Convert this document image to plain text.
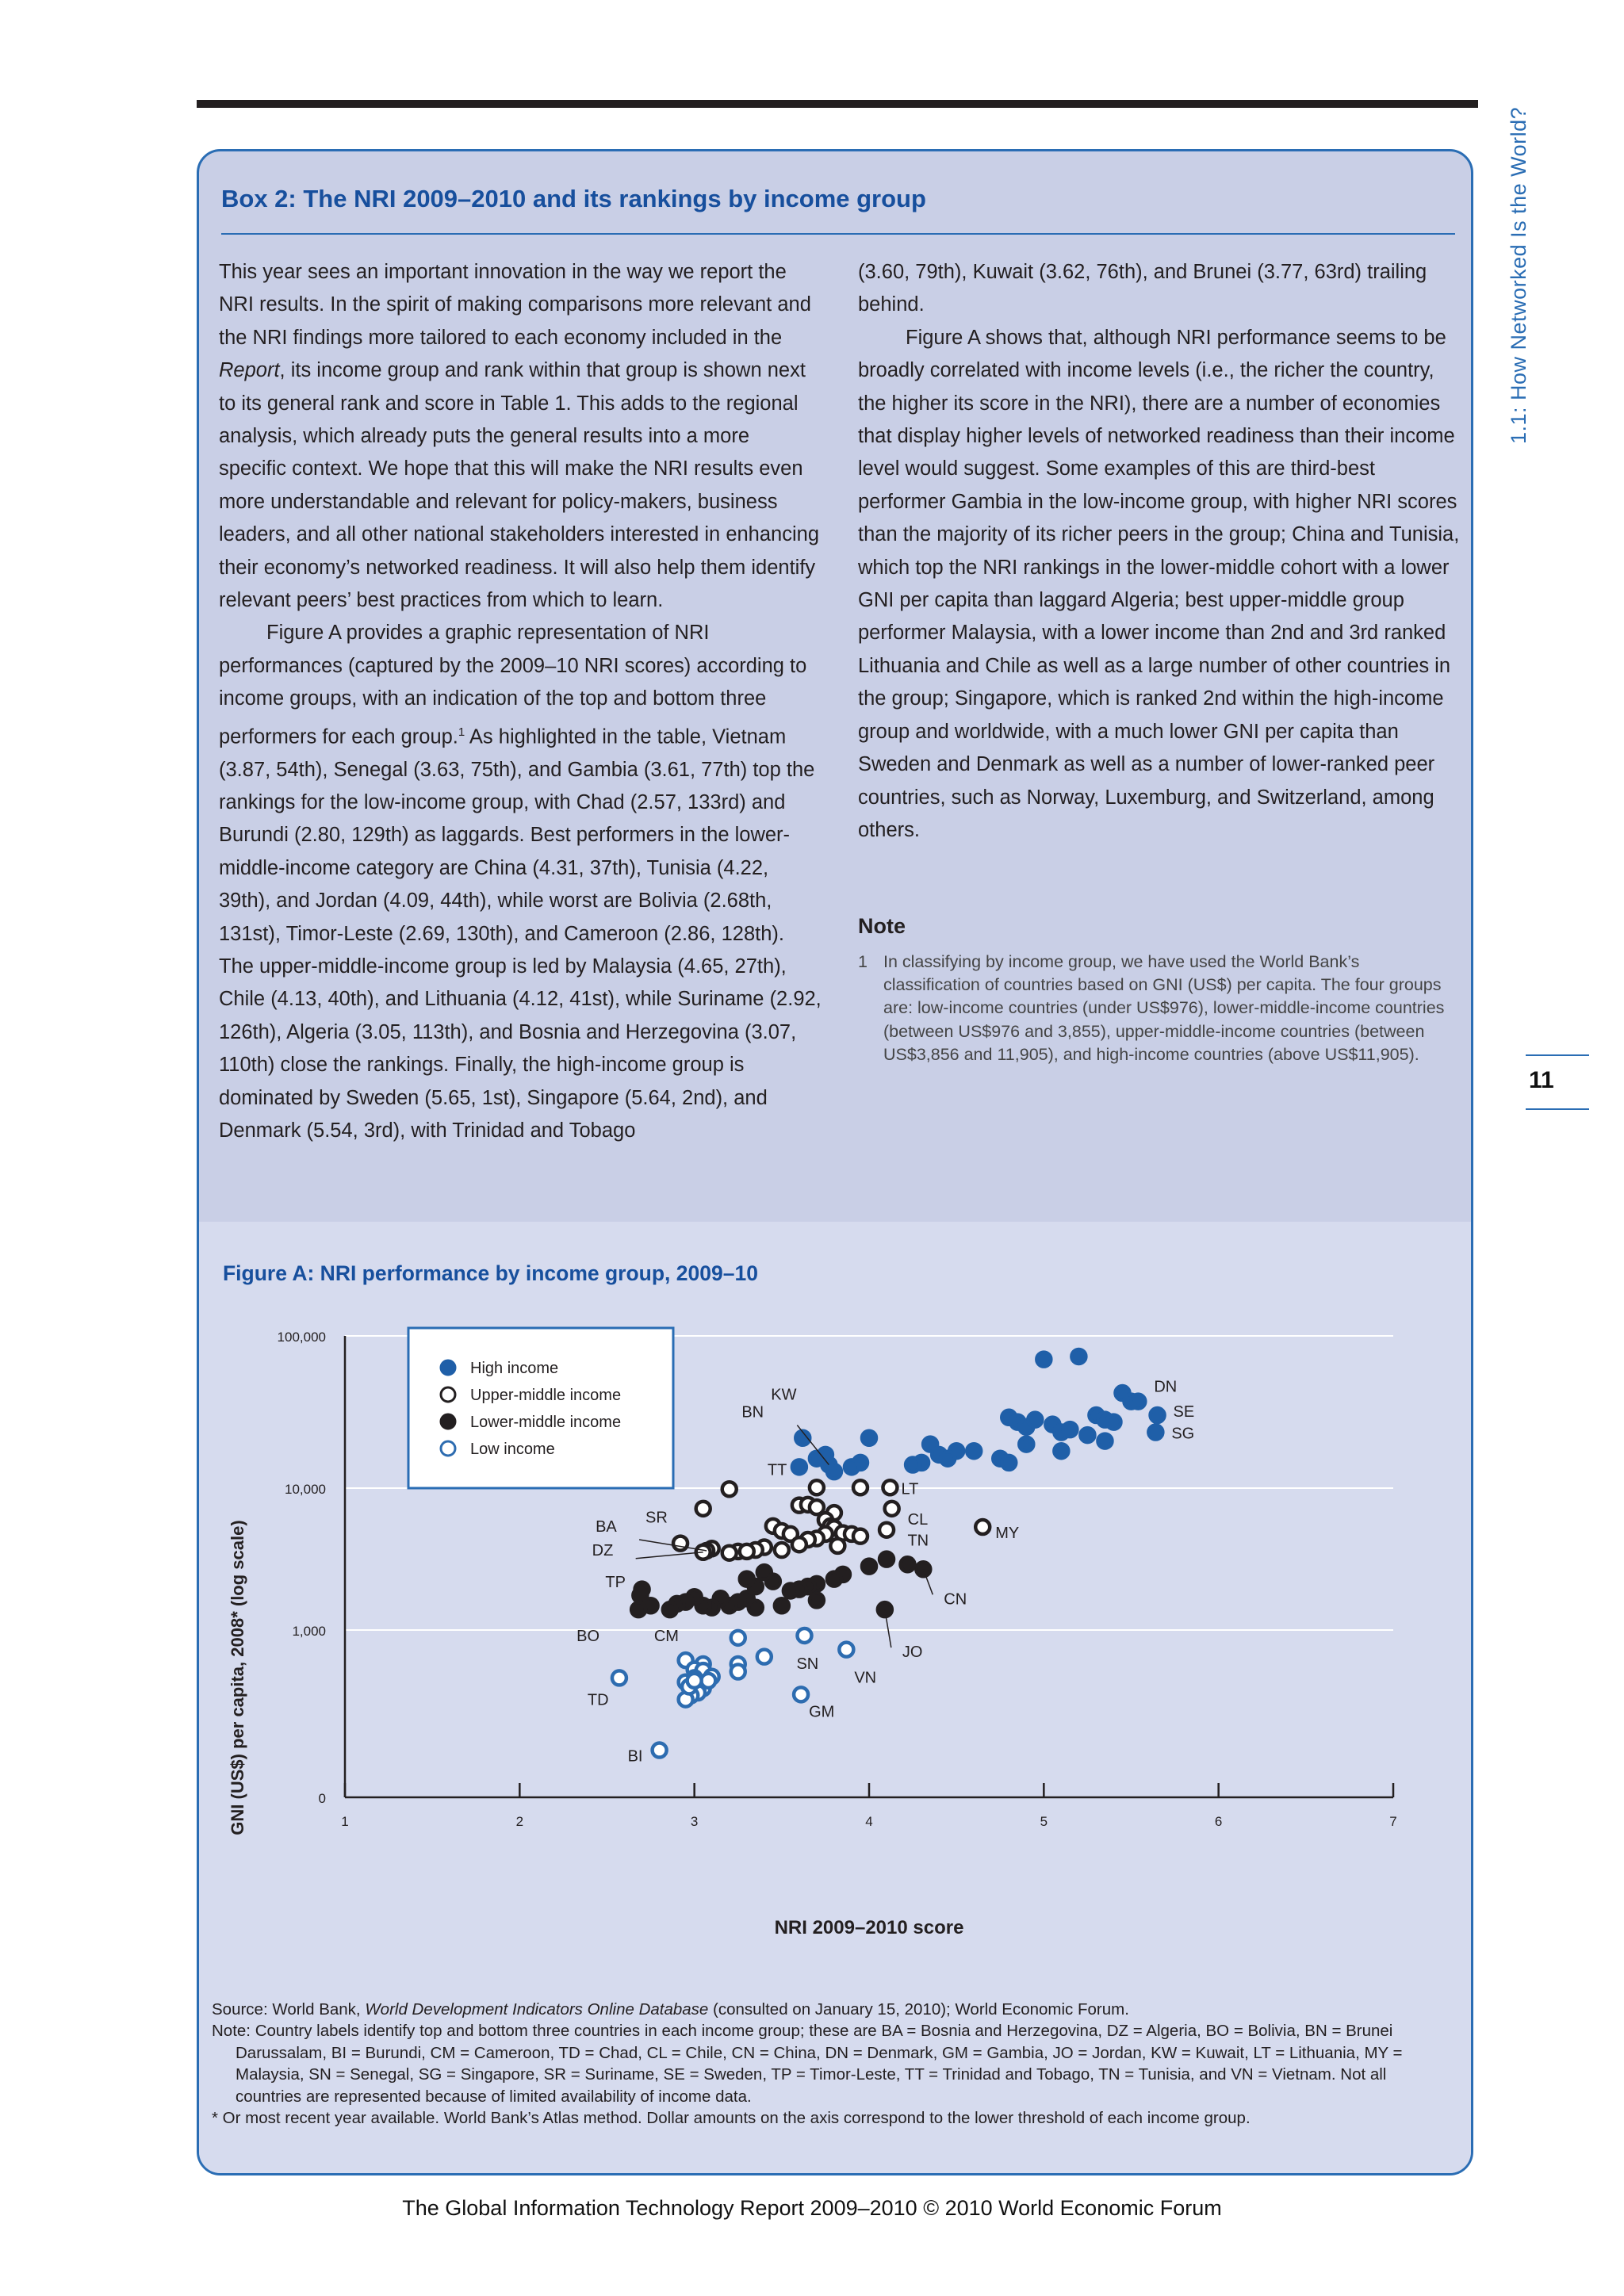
1.1: How Networked Is the World?
11
Box 2: The NRI 2009–2010 and its rankings by income group

This year sees an important innovation in the way we report the NRI results. In the spirit of making comparisons more relevant and the NRI findings more tailored to each economy included in the Report, its income group and rank within that group is shown next to its general rank and score in Table 1. This adds to the regional analysis, which already puts the general results into a more specific context. We hope that this will make the NRI results even more understandable and relevant for policy-makers, business leaders, and all other national stakeholders interested in enhancing their economy’s networked readiness. It will also help them identify relevant peers’ best practices from which to learn.

Figure A provides a graphic representation of NRI performances (captured by the 2009–10 NRI scores) according to income groups, with an indication of the top and bottom three performers for each group.$^1$ As highlighted in the table, Vietnam (3.87, 54th), Senegal (3.63, 75th), and Gambia (3.61, 77th) top the rankings for the low-income group, with Chad (2.57, 133rd) and Burundi (2.80, 129th) as laggards. Best performers in the lower-middle-income category are China (4.31, 37th), Tunisia (4.22, 39th), and Jordan (4.09, 44th), while worst are Bolivia (2.68th, 131st), Timor-Leste (2.69, 130th), and Cameroon (2.86, 128th). The upper-middle-income group is led by Malaysia (4.65, 27th), Chile (4.13, 40th), and Lithuania (4.12, 41st), while Suriname (2.92, 126th), Algeria (3.05, 113th), and Bosnia and Herzegovina (3.07, 110th) close the rankings. Finally, the high-income group is dominated by Sweden (5.65, 1st), Singapore (5.64, 2nd), and Denmark (5.54, 3rd), with Trinidad and Tobago

(3.60, 79th), Kuwait (3.62, 76th), and Brunei (3.77, 63rd) trailing behind.

Figure A shows that, although NRI performance seems to be broadly correlated with income levels (i.e., the richer the country, the higher its score in the NRI), there are a number of economies that display higher levels of networked readiness than their income level would suggest. Some examples of this are third-best performer Gambia in the low-income group, with higher NRI scores than the majority of its richer peers in the group; China and Tunisia, which top the NRI rankings in the lower-middle cohort with a lower GNI per capita than laggard Algeria; best upper-middle group performer Malaysia, with a lower income than 2nd and 3rd ranked Lithuania and Chile as well as a large number of other countries in the group; Singapore, which is ranked 2nd within the high-income group and worldwide, with a much lower GNI per capita than Sweden and Denmark as well as a number of lower-ranked peer countries, such as Norway, Luxemburg, and Switzerland, among others.

Note
1 In classifying by income group, we have used the World Bank’s classification of countries based on GNI (US$) per capita. The four groups are: low-income countries (under US$976), lower-middle-income countries (between US$976 and 3,855), upper-middle-income countries (between US$3,856 and 11,905), and high-income countries (above US$11,905).
Figure A: NRI performance by income group, 2009–10
0
1,000
10,000
100,000
1	2	3	4	5	6	7
NRI 2009–2010 score
GNI (US$) per capita, 2008* (log scale)
DN
SE
SG
KW
BN
TT
LT
CL
MY
SR
BA
DZ
TN
TP
CN
BO	CM
JO
SN
VN
TD
GM
BI
High income
Upper-middle income
Lower-middle income
Low income

Source: World Bank, World Development Indicators Online Database (consulted on January 15, 2010); World Economic Forum.

Note: Country labels identify top and bottom three countries in each income group; these are BA = Bosnia and Herzegovina, DZ = Algeria, BO = Bolivia, BN = Brunei Darussalam, BI = Burundi, CM = Cameroon, TD = Chad, CL = Chile, CN = China, DN = Denmark, GM = Gambia, JO = Jordan, KW = Kuwait, LT = Lithuania, MY = Malaysia, SN = Senegal, SG = Singapore, SR = Suriname, SE = Sweden, TP = Timor-Leste, TT = Trinidad and Tobago, TN = Tunisia, and VN = Vietnam. Not all countries are represented because of limited availability of income data.

* Or most recent year available. World Bank’s Atlas method. Dollar amounts on the axis correspond to the lower threshold of each income group.

The Global Information Technology Report 2009–2010 © 2010 World Economic Forum
